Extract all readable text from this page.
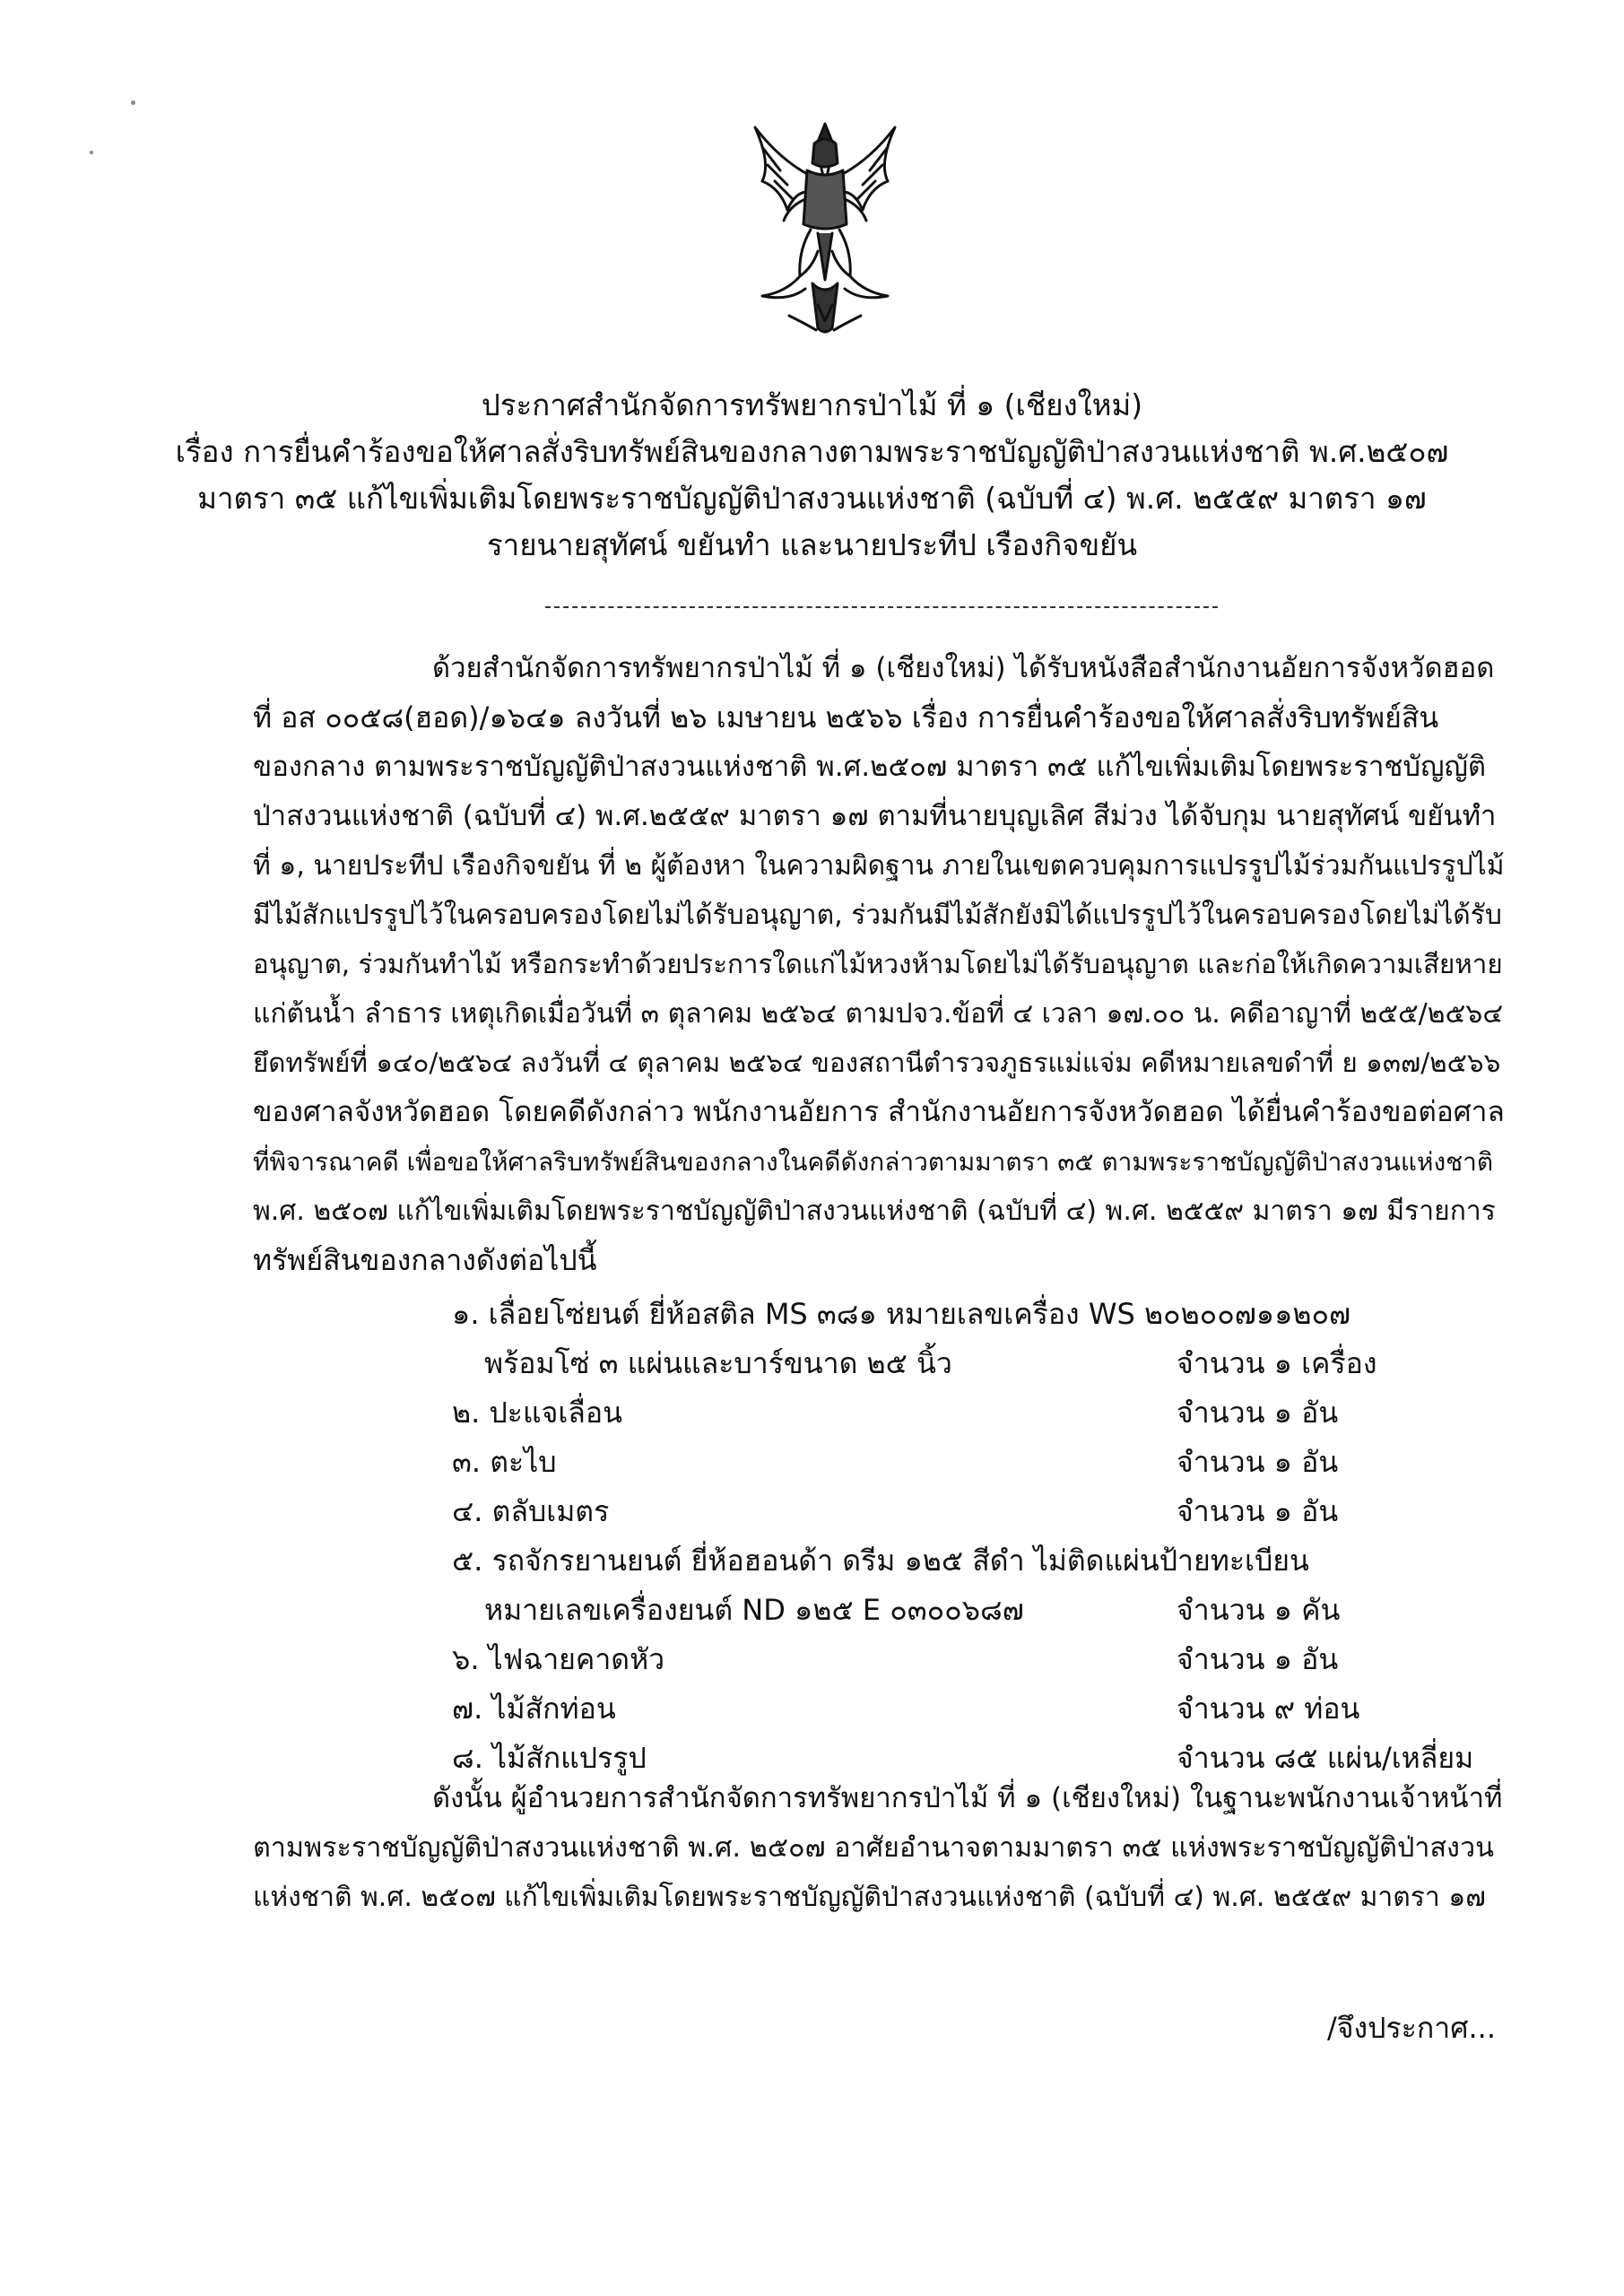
ประกาศสำนักจัดการทรัพยากรป่าไม้ ที่ ๑ (เชียงใหม่)
เรื่อง การยื่นคำร้องขอให้ศาลสั่งริบทรัพย์สินของกลางตามพระราชบัญญัติป่าสงวนแห่งชาติ พ.ศ.๒๕๐๗
มาตรา ๓๕ แก้ไขเพิ่มเติมโดยพระราชบัญญัติป่าสงวนแห่งชาติ (ฉบับที่ ๔) พ.ศ. ๒๕๕๙ มาตรา ๑๗
รายนายสุทัศน์ ขยันทำ และนายประทีป เรืองกิจขยัน
ด้วยสำนักจัดการทรัพยากรป่าไม้ ที่ ๑ (เชียงใหม่) ได้รับหนังสือสำนักงานอัยการจังหวัดฮอด
ที่ อส ๐๐๕๘(ฮอด)/๑๖๔๑ ลงวันที่ ๒๖ เมษายน ๒๕๖๖ เรื่อง การยื่นคำร้องขอให้ศาลสั่งริบทรัพย์สิน
ของกลาง ตามพระราชบัญญัติป่าสงวนแห่งชาติ พ.ศ.๒๕๐๗ มาตรา ๓๕ แก้ไขเพิ่มเติมโดยพระราชบัญญัติ
ป่าสงวนแห่งชาติ (ฉบับที่ ๔) พ.ศ.๒๕๕๙ มาตรา ๑๗ ตามที่นายบุญเลิศ สีม่วง ได้จับกุม นายสุทัศน์ ขยันทำ
ที่ ๑, นายประทีป เรืองกิจขยัน ที่ ๒ ผู้ต้องหา ในความผิดฐาน ภายในเขตควบคุมการแปรรูปไม้ร่วมกันแปรรูปไม้
มีไม้สักแปรรูปไว้ในครอบครองโดยไม่ได้รับอนุญาต, ร่วมกันมีไม้สักยังมิได้แปรรูปไว้ในครอบครองโดยไม่ได้รับ
อนุญาต, ร่วมกันทำไม้ หรือกระทำด้วยประการใดแก่ไม้หวงห้ามโดยไม่ได้รับอนุญาต และก่อให้เกิดความเสียหาย
แก่ต้นน้ำ ลำธาร เหตุเกิดเมื่อวันที่ ๓ ตุลาคม ๒๕๖๔ ตามปจว.ข้อที่ ๔ เวลา ๑๗.๐๐ น. คดีอาญาที่ ๒๕๕/๒๕๖๔
ยึดทรัพย์ที่ ๑๔๐/๒๕๖๔ ลงวันที่ ๔ ตุลาคม ๒๕๖๔ ของสถานีตำรวจภูธรแม่แจ่ม คดีหมายเลขดำที่ ย ๑๓๗/๒๕๖๖
ของศาลจังหวัดฮอด โดยคดีดังกล่าว พนักงานอัยการ สำนักงานอัยการจังหวัดฮอด ได้ยื่นคำร้องขอต่อศาล
ที่พิจารณาคดี เพื่อขอให้ศาลริบทรัพย์สินของกลางในคดีดังกล่าวตามมาตรา ๓๕ ตามพระราชบัญญัติป่าสงวนแห่งชาติ
พ.ศ. ๒๕๐๗ แก้ไขเพิ่มเติมโดยพระราชบัญญัติป่าสงวนแห่งชาติ (ฉบับที่ ๔) พ.ศ. ๒๕๕๙ มาตรา ๑๗ มีรายการ
ทรัพย์สินของกลางดังต่อไปนี้
๑. เลื่อยโซ่ยนต์ ยี่ห้อสติล MS ๓๘๑ หมายเลขเครื่อง WS ๒๐๒๐๐๗๑๑๒๐๗
พร้อมโซ่ ๓ แผ่นและบาร์ขนาด ๒๕ นิ้ว	จำนวน ๑ เครื่อง
๒. ปะแจเลื่อน	จำนวน ๑ อัน
๓. ตะไบ	จำนวน ๑ อัน
๔. ตลับเมตร	จำนวน ๑ อัน
๕. รถจักรยานยนต์ ยี่ห้อฮอนด้า ดรีม ๑๒๕ สีดำ ไม่ติดแผ่นป้ายทะเบียน
หมายเลขเครื่องยนต์ ND ๑๒๕ E ๐๓๐๐๖๘๗	จำนวน ๑ คัน
๖. ไฟฉายคาดหัว	จำนวน ๑ อัน
๗. ไม้สักท่อน	จำนวน ๙ ท่อน
๘. ไม้สักแปรรูป	จำนวน ๘๕ แผ่น/เหลี่ยม
ดังนั้น ผู้อำนวยการสำนักจัดการทรัพยากรป่าไม้ ที่ ๑ (เชียงใหม่) ในฐานะพนักงานเจ้าหน้าที่
ตามพระราชบัญญัติป่าสงวนแห่งชาติ พ.ศ. ๒๕๐๗ อาศัยอำนาจตามมาตรา ๓๕ แห่งพระราชบัญญัติป่าสงวน
แห่งชาติ พ.ศ. ๒๕๐๗ แก้ไขเพิ่มเติมโดยพระราชบัญญัติป่าสงวนแห่งชาติ (ฉบับที่ ๔) พ.ศ. ๒๕๕๙ มาตรา ๑๗
/จึงประกาศ...
